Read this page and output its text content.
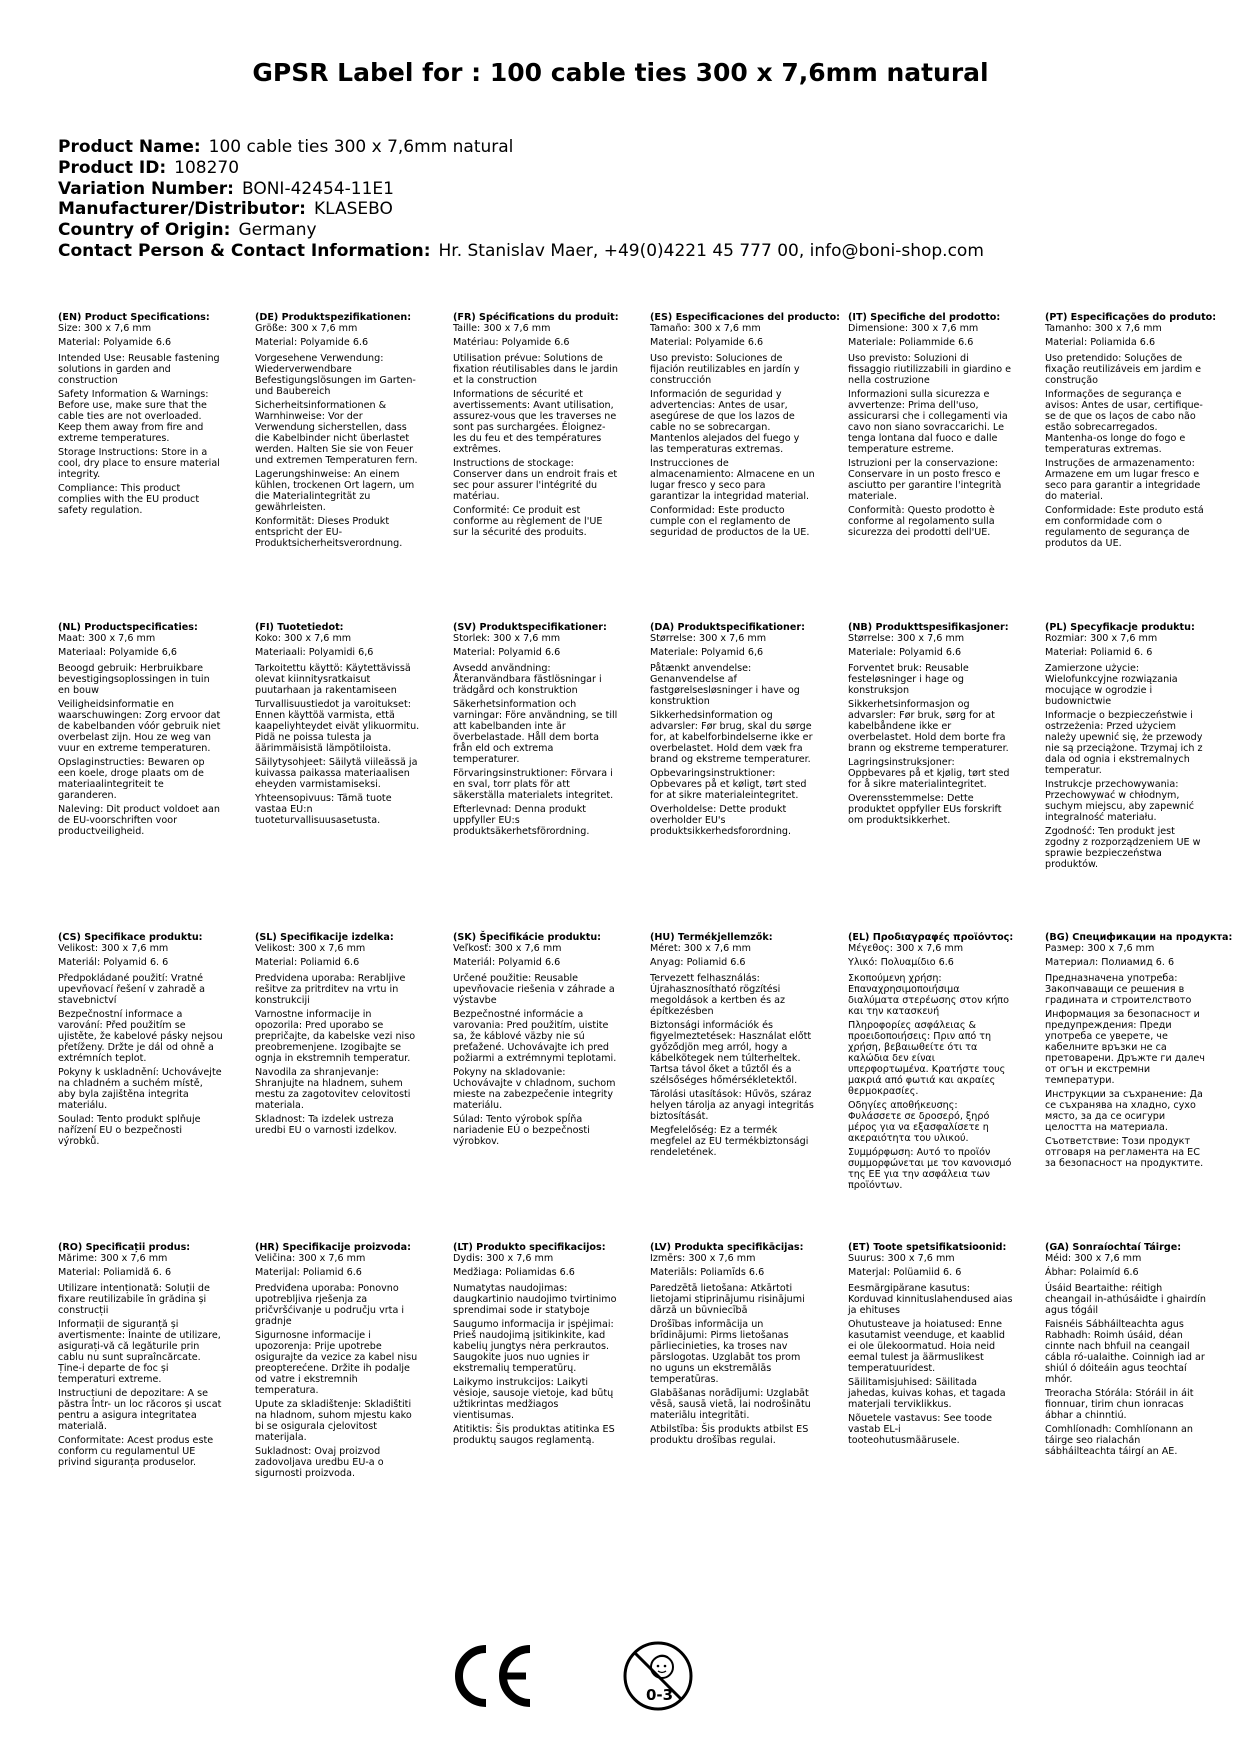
GPSR Label for : 100 cable ties 300 x 7,6mm natural
Product Name: 100 cable ties 300 x 7,6mm natural
Product ID: 108270
Variation Number: BONI-42454-11E1
Manufacturer/Distributor: KLASEBO
Country of Origin: Germany
Contact Person & Contact Information: Hr. Stanislav Maer, +49(0)4221 45 777 00, info@boni-shop.com
(EN) Product Specifications:
Size: 300 x 7,6 mm
Material: Polyamide 6.6

Intended Use: Reusable fastening solutions in garden and construction

Safety Information & Warnings: Before use, make sure that the cable ties are not overloaded. Keep them away from fire and extreme temperatures.

Storage Instructions: Store in a cool, dry place to ensure material integrity.

Compliance: This product complies with the EU product safety regulation.

(DE) Produktspezifikationen:
Größe: 300 x 7,6 mm
Material: Polyamide 6.6

Vorgesehene Verwendung: Wiederverwendbare Befestigungslösungen im Garten- und Baubereich

Sicherheitsinformationen & Warnhinweise: Vor der Verwendung sicherstellen, dass die Kabelbinder nicht überlastet werden. Halten Sie sie von Feuer und extremen Temperaturen fern.

Lagerungshinweise: An einem kühlen, trockenen Ort lagern, um die Materialintegrität zu gewährleisten.

Konformität: Dieses Produkt entspricht der EU-Produktsicherheitsverordnung.

(FR) Spécifications du produit:
Taille: 300 x 7,6 mm
Matériau: Polyamide 6.6

Utilisation prévue: Solutions de fixation réutilisables dans le jardin et la construction

Informations de sécurité et avertissements: Avant utilisation, assurez-vous que les traverses ne sont pas surchargées. Éloignez-les du feu et des températures extrêmes.

Instructions de stockage: Conserver dans un endroit frais et sec pour assurer l'intégrité du matériau.

Conformité: Ce produit est conforme au règlement de l'UE sur la sécurité des produits.

(ES) Especificaciones del producto:
Tamaño: 300 x 7,6 mm
Material: Polyamide 6.6

Uso previsto: Soluciones de fijación reutilizables en jardín y construcción

Información de seguridad y advertencias: Antes de usar, asegúrese de que los lazos de cable no se sobrecargan. Mantenlos alejados del fuego y las temperaturas extremas.

Instrucciones de almacenamiento: Almacene en un lugar fresco y seco para garantizar la integridad material.

Conformidad: Este producto cumple con el reglamento de seguridad de productos de la UE.

(IT) Specifiche del prodotto:
Dimensione: 300 x 7,6 mm
Materiale: Poliammide 6.6

Uso previsto: Soluzioni di fissaggio riutilizzabili in giardino e nella costruzione

Informazioni sulla sicurezza e avvertenze: Prima dell'uso, assicurarsi che i collegamenti via cavo non siano sovraccarichi. Le tenga lontana dal fuoco e dalle temperature estreme.

Istruzioni per la conservazione: Conservare in un posto fresco e asciutto per garantire l'integrità materiale.

Conformità: Questo prodotto è conforme al regolamento sulla sicurezza dei prodotti dell'UE.

(PT) Especificações do produto:
Tamanho: 300 x 7,6 mm
Material: Poliamida 6.6

Uso pretendido: Soluções de fixação reutilizáveis em jardim e construção

Informações de segurança e avisos: Antes de usar, certifique-se de que os laços de cabo não estão sobrecarregados. Mantenha-os longe do fogo e temperaturas extremas.

Instruções de armazenamento: Armazene em um lugar fresco e seco para garantir a integridade do material.

Conformidade: Este produto está em conformidade com o regulamento de segurança de produtos da UE.

(NL) Productspecificaties:
Maat: 300 x 7,6 mm
Materiaal: Polyamide 6,6

Beoogd gebruik: Herbruikbare bevestigingsoplossingen in tuin en bouw

Veiligheidsinformatie en waarschuwingen: Zorg ervoor dat de kabelbanden vóór gebruik niet overbelast zijn. Hou ze weg van vuur en extreme temperaturen.

Opslaginstructies: Bewaren op een koele, droge plaats om de materiaalintegriteit te garanderen.

Naleving: Dit product voldoet aan de EU-voorschriften voor productveiligheid.

(FI) Tuotetiedot:
Koko: 300 x 7,6 mm
Materiaali: Polyamidi 6,6

Tarkoitettu käyttö: Käytettävissä olevat kiinnitysratkaisut puutarhaan ja rakentamiseen

Turvallisuustiedot ja varoitukset: Ennen käyttöä varmista, että kaapeliyhteydet eivät ylikuormitu. Pidä ne poissa tulesta ja äärimmäisistä lämpötiloista.

Säilytysohjeet: Säilytä viileässä ja kuivassa paikassa materiaalisen eheyden varmistamiseksi.

Yhteensopivuus: Tämä tuote vastaa EU:n tuoteturvallisuusasetusta.

(SV) Produktspecifikationer:
Storlek: 300 x 7,6 mm
Material: Polyamid 6.6

Avsedd användning: Återanvändbara fästlösningar i trädgård och konstruktion

Säkerhetsinformation och varningar: Före användning, se till att kabelbanden inte är överbelastade. Håll dem borta från eld och extrema temperaturer.

Förvaringsinstruktioner: Förvara i en sval, torr plats för att säkerställa materialets integritet.

Efterlevnad: Denna produkt uppfyller EU:s produktsäkerhetsförordning.

(DA) Produktspecifikationer:
Størrelse: 300 x 7,6 mm
Materiale: Polyamid 6,6

Påtænkt anvendelse: Genanvendelse af fastgørelsesløsninger i have og konstruktion

Sikkerhedsinformation og advarsler: Før brug, skal du sørge for, at kabelforbindelserne ikke er overbelastet. Hold dem væk fra brand og ekstreme temperaturer.

Opbevaringsinstruktioner: Opbevares på et køligt, tørt sted for at sikre materialeintegritet.

Overholdelse: Dette produkt overholder EU's produktsikkerhedsforordning.

(NB) Produkttspesifikasjoner:
Størrelse: 300 x 7,6 mm
Materiale: Polyamid 6.6

Forventet bruk: Reusable festeløsninger i hage og konstruksjon

Sikkerhetsinformasjon og advarsler: Før bruk, sørg for at kabelbåndene ikke er overbelastet. Hold dem borte fra brann og ekstreme temperaturer.

Lagringsinstruksjoner: Oppbevares på et kjølig, tørt sted for å sikre materialintegritet.

Overensstemmelse: Dette produktet oppfyller EUs forskrift om produktsikkerhet.

(PL) Specyfikacje produktu:
Rozmiar: 300 x 7,6 mm
Materiał: Poliamid 6. 6

Zamierzone użycie: Wielofunkcyjne rozwiązania mocujące w ogrodzie i budownictwie

Informacje o bezpieczeństwie i ostrzeżenia: Przed użyciem należy upewnić się, że przewody nie są przeciążone. Trzymaj ich z dala od ognia i ekstremalnych temperatur.

Instrukcje przechowywania: Przechowywać w chłodnym, suchym miejscu, aby zapewnić integralność materiału.

Zgodność: Ten produkt jest zgodny z rozporządzeniem UE w sprawie bezpieczeństwa produktów.

(CS) Specifikace produktu:
Velikost: 300 x 7,6 mm
Materiál: Polyamid 6. 6

Předpokládané použití: Vratné upevňovací řešení v zahradě a stavebnictví

Bezpečnostní informace a varování: Před použitím se ujistěte, že kabelové pásky nejsou přetíženy. Držte je dál od ohně a extrémních teplot.

Pokyny k uskladnění: Uchovávejte na chladném a suchém místě, aby byla zajištěna integrita materiálu.

Soulad: Tento produkt splňuje nařízení EU o bezpečnosti výrobků.

(SL) Specifikacije izdelka:
Velikost: 300 x 7,6 mm
Material: Poliamid 6.6

Predvidena uporaba: Rerabljive rešitve za pritrditev na vrtu in konstrukciji

Varnostne informacije in opozorila: Pred uporabo se prepričajte, da kabelske vezi niso preobremenjene. Izogibajte se ognja in ekstremnih temperatur.

Navodila za shranjevanje: Shranjujte na hladnem, suhem mestu za zagotovitev celovitosti materiala.

Skladnost: Ta izdelek ustreza uredbi EU o varnosti izdelkov.

(SK) Špecifikácie produktu:
Veľkosť: 300 x 7,6 mm
Materiál: Polyamid 6.6

Určené použitie: Reusable upevňovacie riešenia v záhrade a výstavbe

Bezpečnostné informácie a varovania: Pred použitím, uistite sa, že káblové väzby nie sú preťažené. Uchovávajte ich pred požiarmi a extrémnymi teplotami.

Pokyny na skladovanie: Uchovávajte v chladnom, suchom mieste na zabezpečenie integrity materiálu.

Súlad: Tento výrobok spĺňa nariadenie EÚ o bezpečnosti výrobkov.

(HU) Termékjellemzők:
Méret: 300 x 7,6 mm
Anyag: Poliamid 6.6

Tervezett felhasználás: Újrahasznosítható rögzítési megoldások a kertben és az építkezésben

Biztonsági információk és figyelmeztetések: Használat előtt győződjön meg arról, hogy a kábelkötegek nem túlterheltek. Tartsa távol őket a tűztől és a szélsőséges hőmérsékletektől.

Tárolási utasítások: Hűvös, száraz helyen tárolja az anyagi integritás biztosítását.

Megfelelőség: Ez a termék megfelel az EU termékbiztonsági rendeletének.

(EL) Προδιαγραφές προϊόντος:
Μέγεθος: 300 x 7,6 mm
Υλικό: Πολυαμίδιο 6.6

Σκοπούμενη χρήση: Επαναχρησιμοποιήσιμα διαλύματα στερέωσης στον κήπο και την κατασκευή

Πληροφορίες ασφάλειας & προειδοποιήσεις: Πριν από τη χρήση, βεβαιωθείτε ότι τα καλώδια δεν είναι υπερφορτωμένα. Κρατήστε τους μακριά από φωτιά και ακραίες θερμοκρασίες.

Οδηγίες αποθήκευσης: Φυλάσσετε σε δροσερό, ξηρό μέρος για να εξασφαλίσετε η ακεραιότητα του υλικού.

Συμμόρφωση: Αυτό το προϊόν συμμορφώνεται με τον κανονισμό της ΕΕ για την ασφάλεια των προϊόντων.

(BG) Спецификации на продукта:
Размер: 300 x 7,6 mm
Материал: Полиамид 6. 6

Предназначена употреба: Закопчаващи се решения в градината и строителството

Информация за безопасност и предупреждения: Преди употреба се уверете, че кабелните връзки не са претоварени. Дръжте ги далеч от огън и екстремни температури.

Инструкции за съхранение: Да се съхранява на хладно, сухо място, за да се осигури целостта на материала.

Съответствие: Този продукт отговаря на регламента на ЕС за безопасност на продуктите.

(RO) Specificații produs:
Mărime: 300 x 7,6 mm
Material: Poliamidă 6. 6

Utilizare intenționată: Soluții de fixare reutilizabile în grădina și construcții

Informații de siguranță și avertismente: Înainte de utilizare, asigurați-vă că legăturile prin cablu nu sunt supraîncărcate. Ține-i departe de foc și temperaturi extreme.

Instrucțiuni de depozitare: A se păstra într- un loc răcoros și uscat pentru a asigura integritatea materială.

Conformitate: Acest produs este conform cu regulamentul UE privind siguranța produselor.

(HR) Specifikacije proizvoda:
Veličina: 300 x 7,6 mm
Materijal: Poliamid 6.6

Predviđena uporaba: Ponovno upotrebljiva rješenja za pričvršćivanje u području vrta i gradnje

Sigurnosne informacije i upozorenja: Prije upotrebe osigurajte da vezice za kabel nisu preopterećene. Držite ih podalje od vatre i ekstremnih temperatura.

Upute za skladištenje: Skladištiti na hladnom, suhom mjestu kako bi se osigurala cjelovitost materijala.

Sukladnost: Ovaj proizvod zadovoljava uredbu EU-a o sigurnosti proizvoda.

(LT) Produkto specifikacijos:
Dydis: 300 x 7,6 mm
Medžiaga: Poliamidas 6.6

Numatytas naudojimas: daugkartinio naudojimo tvirtinimo sprendimai sode ir statyboje

Saugumo informacija ir įspėjimai: Prieš naudojimą įsitikinkite, kad kabelių jungtys nėra perkrautos. Saugokite juos nuo ugnies ir ekstremalių temperatūrų.

Laikymo instrukcijos: Laikyti vėsioje, sausoje vietoje, kad būtų užtikrintas medžiagos vientisumas.

Atitiktis: Šis produktas atitinka ES produktų saugos reglamentą.

(LV) Produkta specifikācijas:
Izmērs: 300 x 7,6 mm
Materiāls: Poliamīds 6.6

Paredzētā lietošana: Atkārtoti lietojami stiprinājumu risinājumi dārzā un būvniecībā

Drošības informācija un brīdinājumi: Pirms lietošanas pārliecinieties, ka troses nav pārslogotas. Uzglabāt tos prom no uguns un ekstremālās temperatūras.

Glabāšanas norādījumi: Uzglabāt vēsā, sausā vietā, lai nodrošinātu materiālu integritāti.

Atbilstība: Šis produkts atbilst ES produktu drošības regulai.

(ET) Toote spetsifikatsioonid:
Suurus: 300 x 7,6 mm
Materjal: Polüamiid 6. 6

Eesmärgipärane kasutus: Korduvad kinnituslahendused aias ja ehituses

Ohutusteave ja hoiatused: Enne kasutamist veenduge, et kaablid ei ole ülekoormatud. Hoia neid eemal tulest ja äärmuslikest temperatuuridest.

Säilitamisjuhised: Säilitada jahedas, kuivas kohas, et tagada materjali terviklikkus.

Nõuetele vastavus: See toode vastab EL-i tooteohutusmäärusele.

(GA) Sonraíochtaí Táirge:
Méid: 300 x 7,6 mm
Ábhar: Polaimíd 6.6

Úsáid Beartaithe: réitigh cheangail in-athúsáidte i ghairdín agus tógáil

Faisnéis Sábháilteachta agus Rabhadh: Roimh úsáid, déan cinnte nach bhfuil na ceangail cábla ró-ualaithe. Coinnigh iad ar shiúl ó dóiteáin agus teochtaí mhór.

Treoracha Stórála: Stóráil in áit fionnuar, tirim chun ionracas ábhar a chinntiú.

Comhlíonadh: Comhlíonann an táirge seo rialachán sábháilteachta táirgí an AE.

0-3
